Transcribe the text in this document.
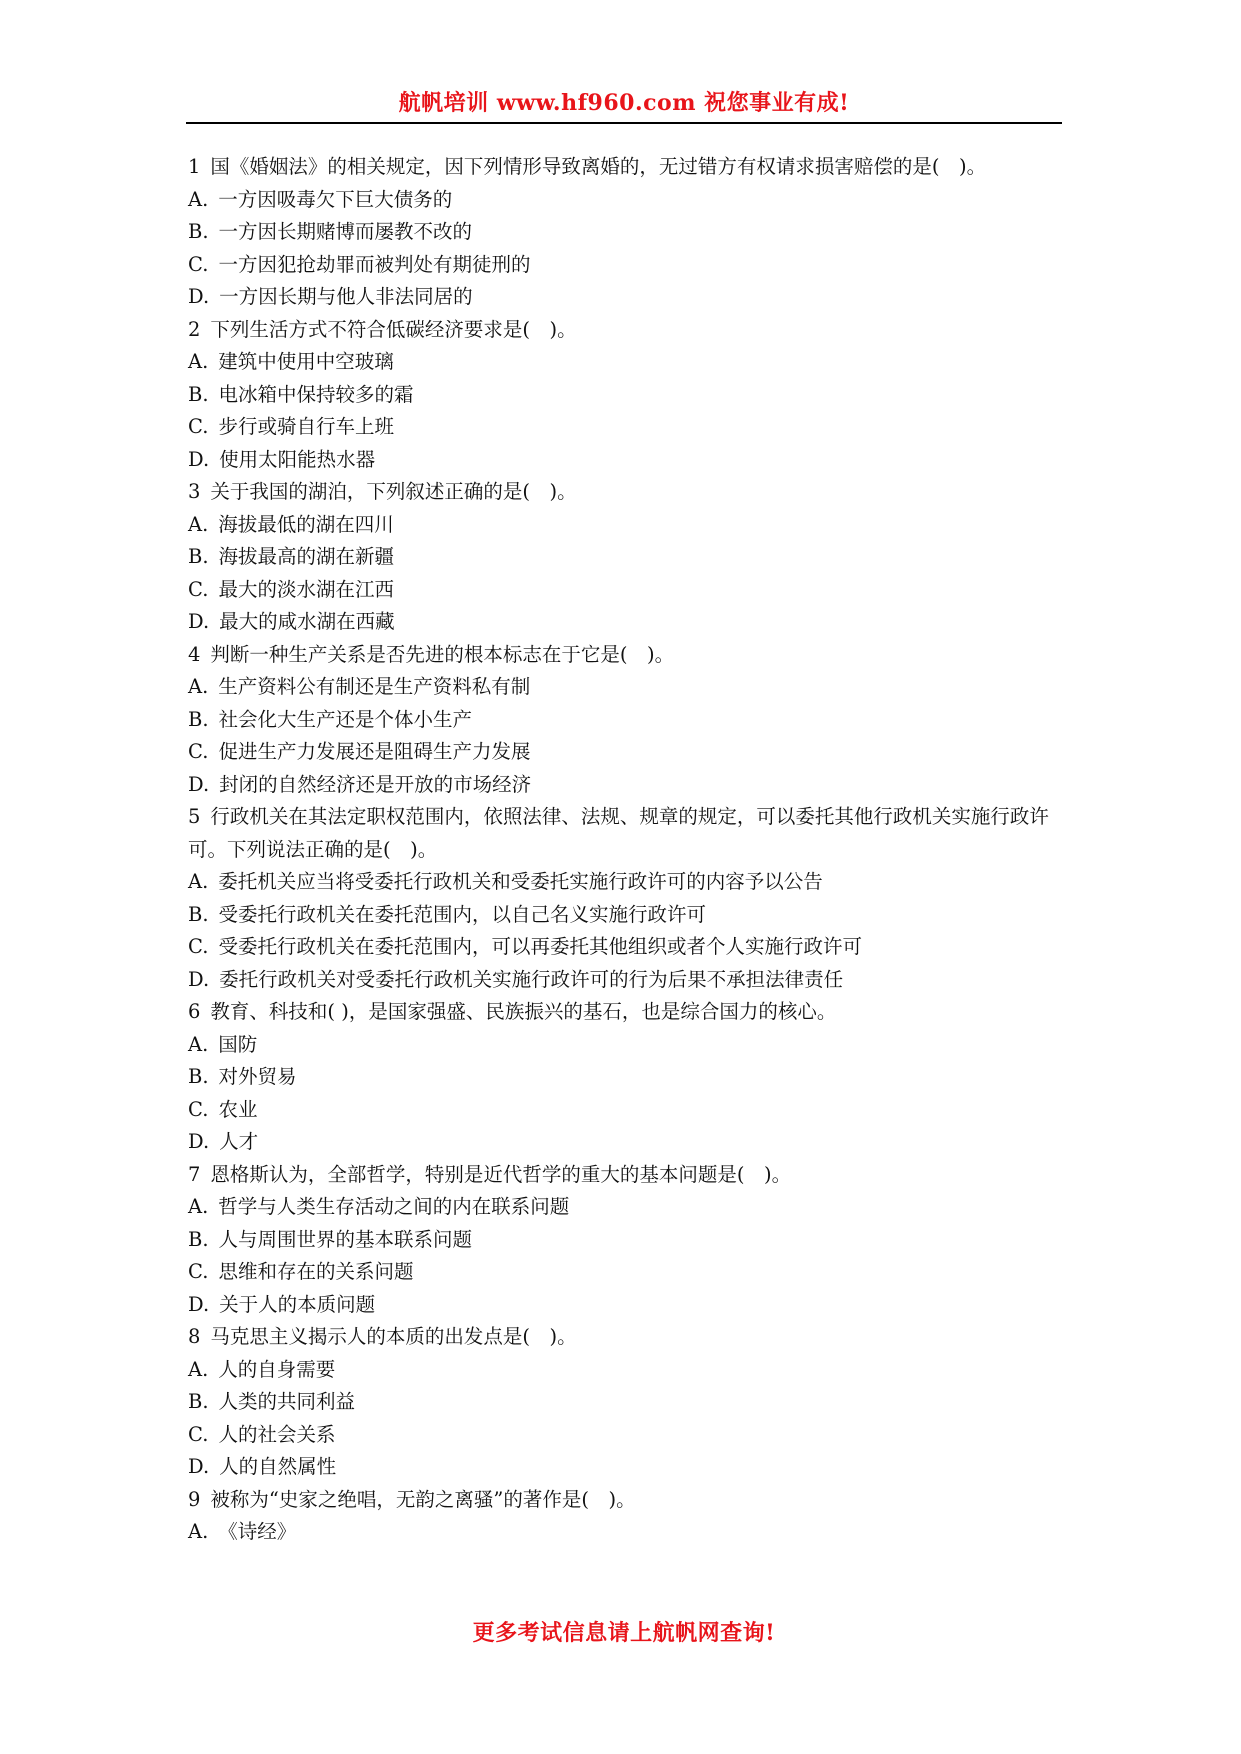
航帆培训 www.hf960.com 祝您事业有成!
1 国《婚姻法》的相关规定，因下列情形导致离婚的，无过错方有权请求损害赔偿的是(　)。
A. 一方因吸毒欠下巨大债务的
B. 一方因长期赌博而屡教不改的
C. 一方因犯抢劫罪而被判处有期徒刑的
D. 一方因长期与他人非法同居的
2 下列生活方式不符合低碳经济要求是(　)。
A. 建筑中使用中空玻璃
B. 电冰箱中保持较多的霜
C. 步行或骑自行车上班
D. 使用太阳能热水器
3 关于我国的湖泊，下列叙述正确的是(　)。
A. 海拔最低的湖在四川
B. 海拔最高的湖在新疆
C. 最大的淡水湖在江西
D. 最大的咸水湖在西藏
4 判断一种生产关系是否先进的根本标志在于它是(　)。
A. 生产资料公有制还是生产资料私有制
B. 社会化大生产还是个体小生产
C. 促进生产力发展还是阻碍生产力发展
D. 封闭的自然经济还是开放的市场经济
5 行政机关在其法定职权范围内，依照法律、法规、规章的规定，可以委托其他行政机关实施行政许可。下列说法正确的是(　)。
A. 委托机关应当将受委托行政机关和受委托实施行政许可的内容予以公告
B. 受委托行政机关在委托范围内，以自己名义实施行政许可
C. 受委托行政机关在委托范围内，可以再委托其他组织或者个人实施行政许可
D. 委托行政机关对受委托行政机关实施行政许可的行为后果不承担法律责任
6 教育、科技和( )，是国家强盛、民族振兴的基石，也是综合国力的核心。
A. 国防
B. 对外贸易
C. 农业
D. 人才
7 恩格斯认为，全部哲学，特别是近代哲学的重大的基本问题是(　)。
A. 哲学与人类生存活动之间的内在联系问题
B. 人与周围世界的基本联系问题
C. 思维和存在的关系问题
D. 关于人的本质问题
8 马克思主义揭示人的本质的出发点是(　)。
A. 人的自身需要
B. 人类的共同利益
C. 人的社会关系
D. 人的自然属性
9 被称为“史家之绝唱，无韵之离骚”的著作是(　)。
A. 《诗经》
更多考试信息请上航帆网查询!
